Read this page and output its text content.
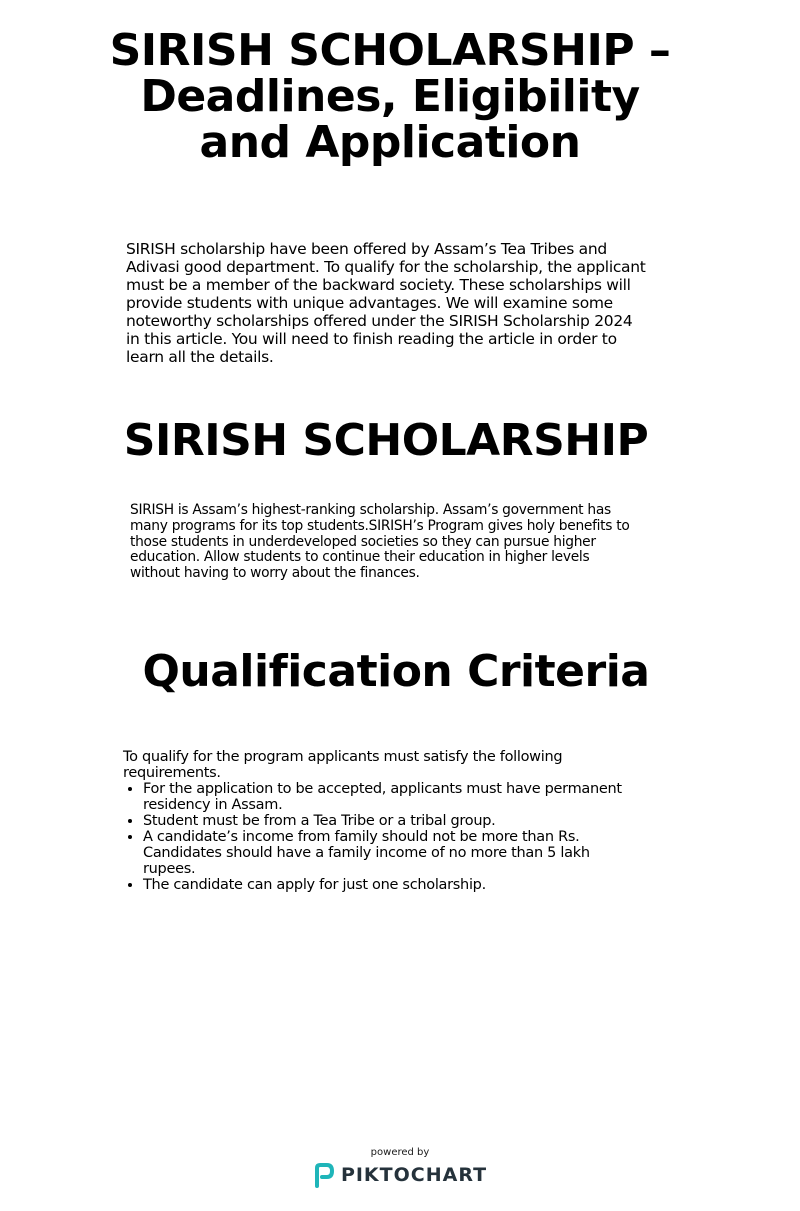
SIRISH SCHOLARSHIP – Deadlines, Eligibility and Application

SIRISH scholarship have been offered by Assam’s Tea Tribes and Adivasi good department. To qualify for the scholarship, the applicant must be a member of the backward society. These scholarships will provide students with unique advantages. We will examine some noteworthy scholarships offered under the SIRISH Scholarship 2024 in this article. You will need to finish reading the article in order to learn all the details.

SIRISH SCHOLARSHIP

SIRISH is Assam’s highest-ranking scholarship. Assam’s government has many programs for its top students.SIRISH’s Program gives holy benefits to those students in underdeveloped societies so they can pursue higher education. Allow students to continue their education in higher levels without having to worry about the finances.

Qualification Criteria

To qualify for the program applicants must satisfy the following requirements.

• For the application to be accepted, applicants must have permanent residency in Assam.
• Student must be from a Tea Tribe or a tribal group.
• A candidate’s income from family should not be more than Rs. Candidates should have a family income of no more than 5 lakh rupees.
• The candidate can apply for just one scholarship.
powered by
PIKTOCHART
